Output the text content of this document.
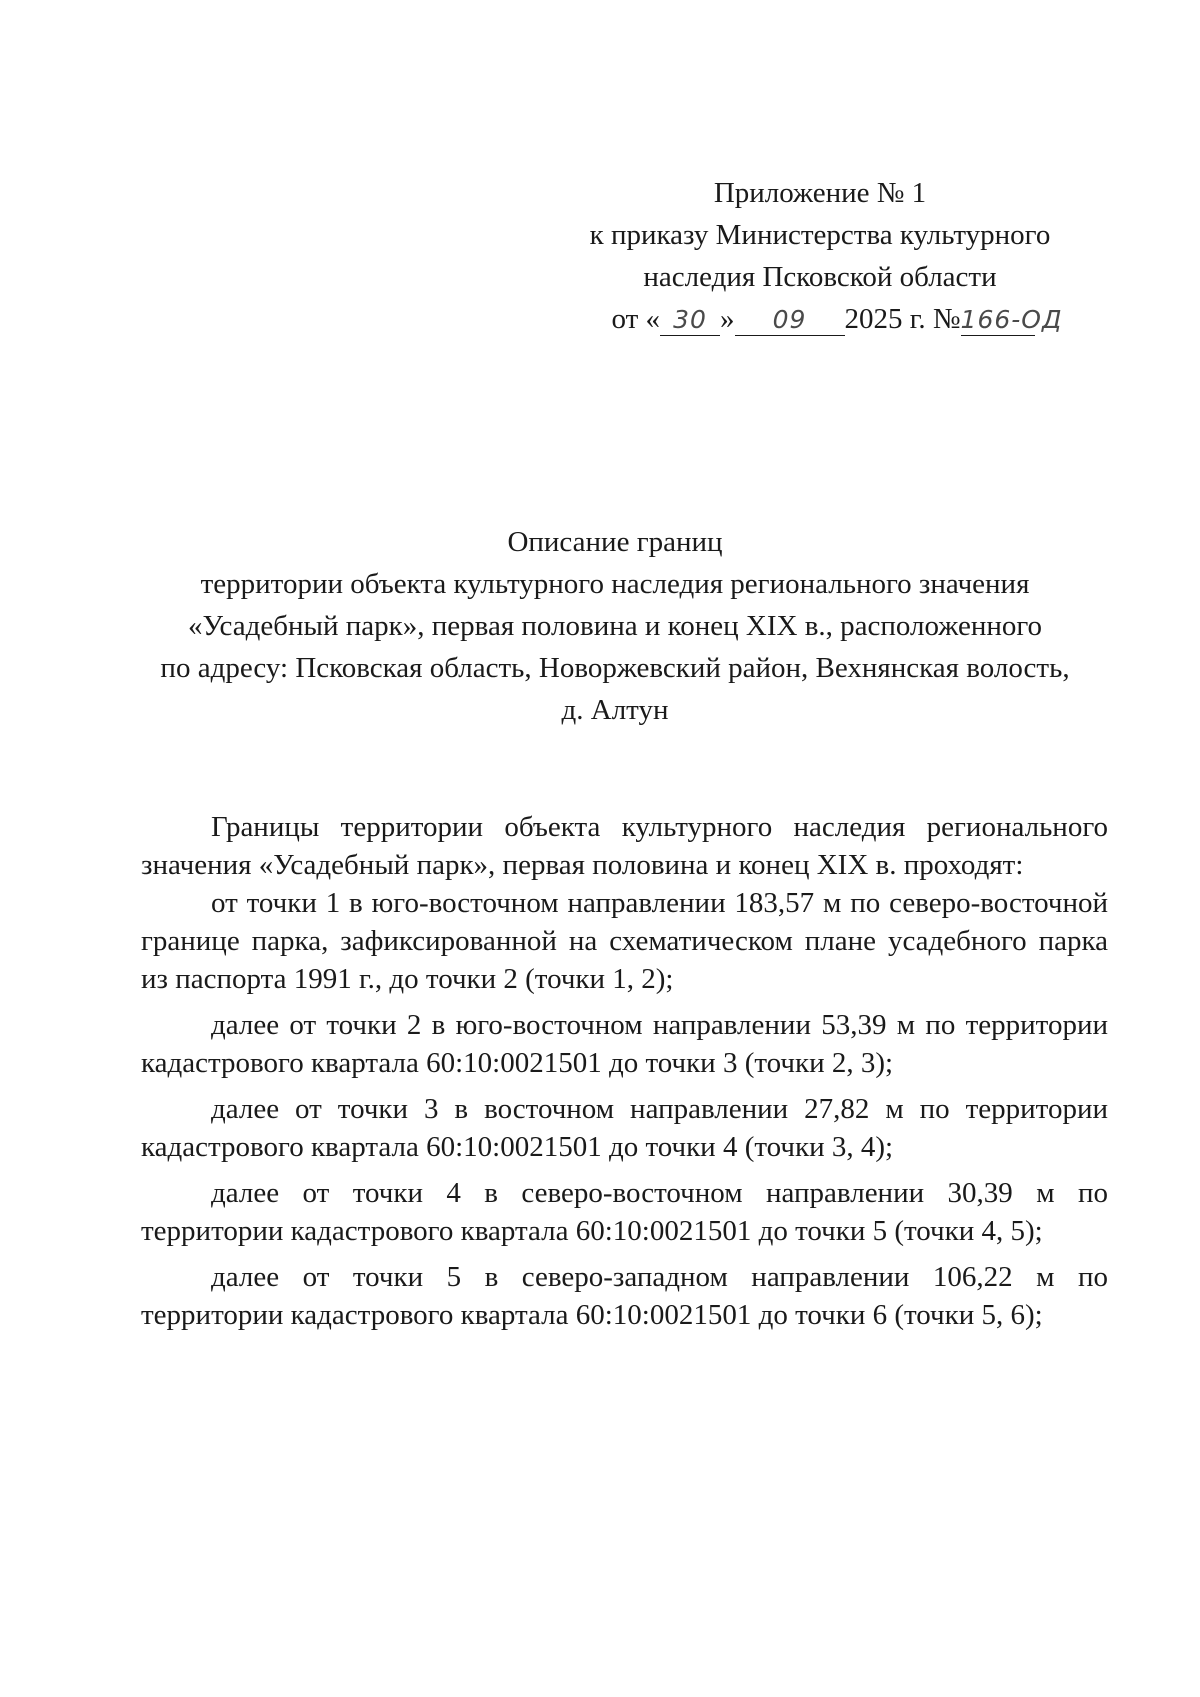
Приложение № 1
к приказу Министерства культурного
наследия Псковской области
от « 30 » 09 2025 г. №166-ОД
Описание границ
территории объекта культурного наследия регионального значения
«Усадебный парк», первая половина и конец XIX в., расположенного
по адресу: Псковская область, Новоржевский район, Вехнянская волость,
д. Алтун

Границы территории объекта культурного наследия регионального значения «Усадебный парк», первая половина и конец XIX в. проходят:

от точки 1 в юго-восточном направлении 183,57 м по северо-восточной границе парка, зафиксированной на схематическом плане усадебного парка из паспорта 1991 г., до точки 2 (точки 1, 2);

далее от точки 2 в юго-восточном направлении 53,39 м по территории кадастрового квартала 60:10:0021501 до точки 3 (точки 2, 3);

далее от точки 3 в восточном направлении 27,82 м по территории кадастрового квартала 60:10:0021501 до точки 4 (точки 3, 4);

далее от точки 4 в северо-восточном направлении 30,39 м по территории кадастрового квартала 60:10:0021501 до точки 5 (точки 4, 5);

далее от точки 5 в северо-западном направлении 106,22 м по территории кадастрового квартала 60:10:0021501 до точки 6 (точки 5, 6);
